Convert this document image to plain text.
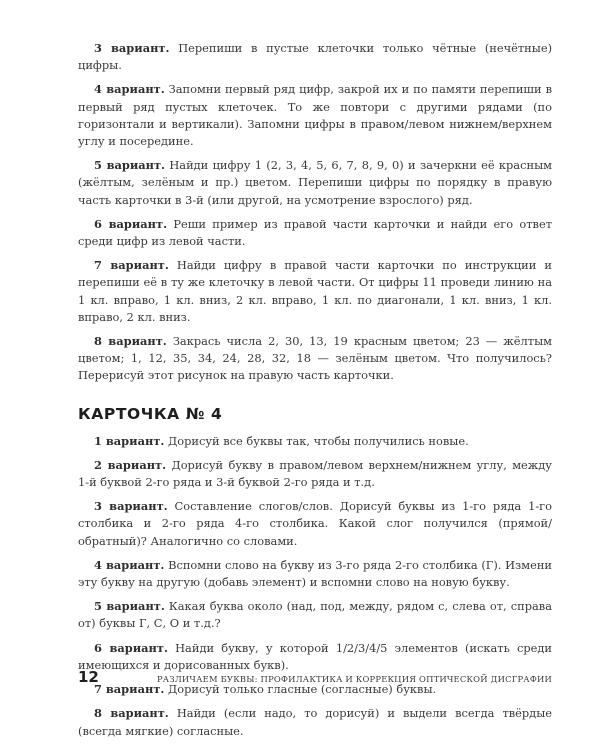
3 вариант. Перепиши в пустые клеточки только чётные (нечётные) цифры.

4 вариант. Запомни первый ряд цифр, закрой их и по памяти перепиши в первый ряд пустых клеточек. То же повтори с другими рядами (по горизонтали и вертикали). Запомни цифры в правом/левом нижнем/верхнем углу и посередине.

5 вариант. Найди цифру 1 (2, 3, 4, 5, 6, 7, 8, 9, 0) и зачеркни её красным (жёлтым, зелёным и пр.) цветом. Перепиши цифры по порядку в правую часть карточки в 3-й (или другой, на усмотрение взрослого) ряд.

6 вариант. Реши пример из правой части карточки и найди его ответ среди цифр из левой части.

7 вариант. Найди цифру в правой части карточки по инструкции и перепиши её в ту же клеточку в левой части. От цифры 11 проведи линию на 1 кл. вправо, 1 кл. вниз, 2 кл. вправо, 1 кл. по диагонали, 1 кл. вниз, 1 кл. вправо, 2 кл. вниз.

8 вариант. Закрась числа 2, 30, 13, 19 красным цветом; 23 — жёлтым цветом; 1, 12, 35, 34, 24, 28, 32, 18 — зелёным цветом. Что получилось? Перерисуй этот рисунок на правую часть карточки.

КАРТОЧКА № 4

1 вариант. Дорисуй все буквы так, чтобы получились новые.

2 вариант. Дорисуй букву в правом/левом верхнем/нижнем углу, между 1-й буквой 2-го ряда и 3-й буквой 2-го ряда и т.д.

3 вариант. Составление слогов/слов. Дорисуй буквы из 1-го ряда 1-го столбика и 2-го ряда 4-го столбика. Какой слог получился (прямой/обратный)? Аналогично со словами.

4 вариант. Вспомни слово на букву из 3-го ряда 2-го столбика (Г). Измени эту букву на другую (добавь элемент) и вспомни слово на новую букву.

5 вариант. Какая буква около (над, под, между, рядом с, слева от, справа от) буквы Г, С, О и т.д.?

6 вариант. Найди букву, у которой 1/2/3/4/5 элементов (искать среди имеющихся и дорисованных букв).

7 вариант. Дорисуй только гласные (согласные) буквы.

8 вариант. Найди (если надо, то дорисуй) и выдели всегда твёрдые (всегда мягкие) согласные.

12	РАЗЛИЧАЕМ БУКВЫ: ПРОФИЛАКТИКА И КОРРЕКЦИЯ ОПТИЧЕСКОЙ ДИСГРАФИИ
